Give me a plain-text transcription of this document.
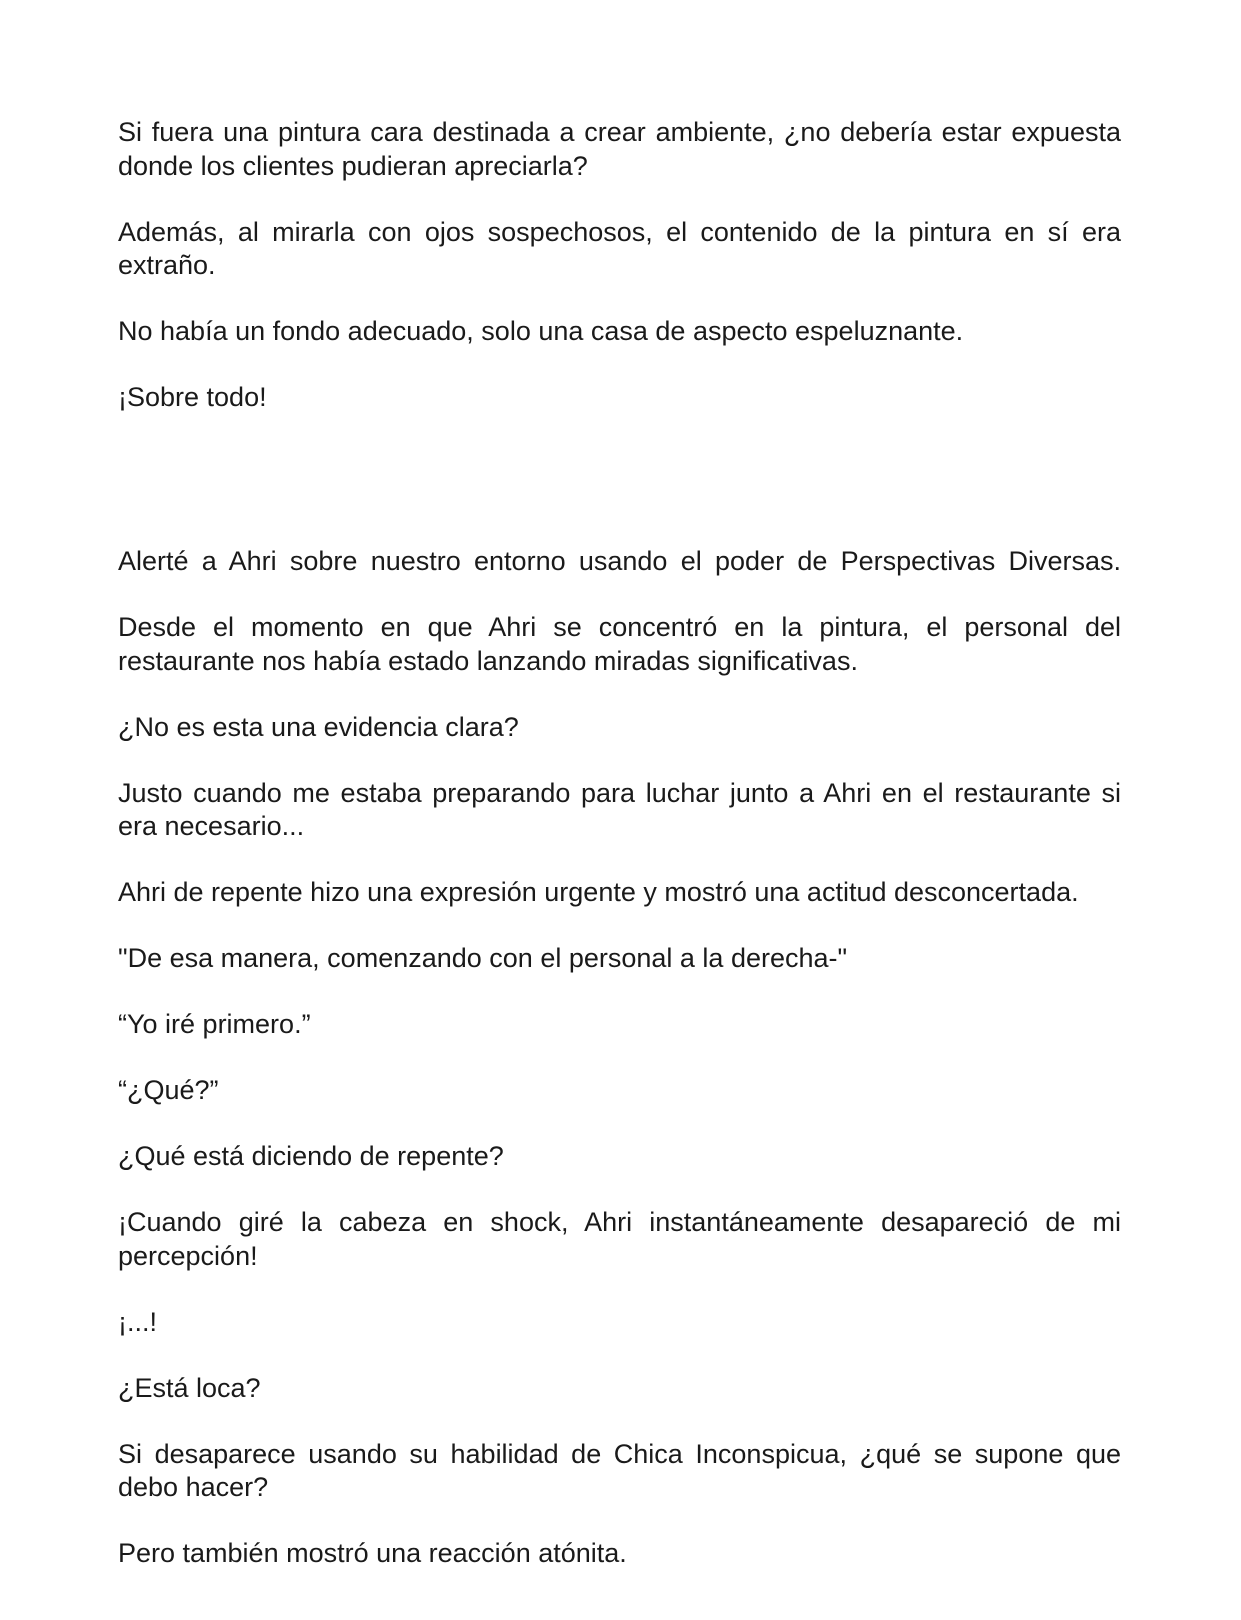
Si fuera una pintura cara destinada a crear ambiente, ¿no debería estar expuesta donde los clientes pudieran apreciarla?

Además, al mirarla con ojos sospechosos, el contenido de la pintura en sí era extraño.

No había un fondo adecuado, solo una casa de aspecto espeluznante.

¡Sobre todo!

Alerté a Ahri sobre nuestro entorno usando el poder de Perspectivas Diversas.

Desde el momento en que Ahri se concentró en la pintura, el personal del restaurante nos había estado lanzando miradas significativas.

¿No es esta una evidencia clara?

Justo cuando me estaba preparando para luchar junto a Ahri en el restaurante si era necesario...

Ahri de repente hizo una expresión urgente y mostró una actitud desconcertada.

"De esa manera, comenzando con el personal a la derecha-"

“Yo iré primero.”

“¿Qué?”

¿Qué está diciendo de repente?

¡Cuando giré la cabeza en shock, Ahri instantáneamente desapareció de mi percepción!

¡...!

¿Está loca?

Si desaparece usando su habilidad de Chica Inconspicua, ¿qué se supone que debo hacer?

Pero también mostró una reacción atónita.
